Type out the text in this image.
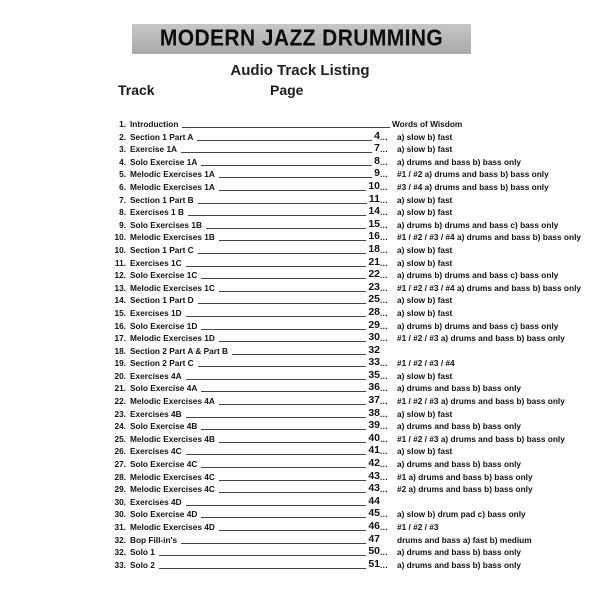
MODERN JAZZ DRUMMING
Audio Track Listing
Track	Page
1. Introduction	Words of Wisdom
2. Section 1 Part A	4 ... a) slow b) fast
3. Exercise 1A	7 ... a) slow b) fast
4. Solo Exercise 1A	8 ... a) drums and bass b) bass only
5. Melodic Exercises 1A	9 ... #1 / #2 a) drums and bass b) bass only
6. Melodic Exercises 1A	10 ... #3 / #4 a) drums and bass b) bass only
7. Section 1 Part B	11 ... a) slow b) fast
8. Exercises 1 B	14 ... a) slow b) fast
9. Solo Exercises 1B	15 ... a) drums b) drums and bass c) bass only
10. Melodic Exercises 1B	16 ... #1 / #2 / #3 / #4 a) drums and bass b) bass only
10. Section 1 Part C	18 ... a) slow b) fast
11. Exercises 1C	21 ... a) slow b) fast
12. Solo Exercise 1C	22 ... a) drums b) drums and bass c) bass only
13. Melodic Exercises 1C	23 ... #1 / #2 / #3 / #4 a) drums and bass b) bass only
14. Section 1 Part D	25 ... a) slow b) fast
15. Exercises 1D	28 ... a) slow b) fast
16. Solo Exercise 1D	29 ... a) drums b) drums and bass c) bass only
17. Melodic Exercises 1D	30 ... #1 / #2 / #3 a) drums and bass b) bass only
18. Section 2 Part A & Part B	32
19. Section 2 Part C	33 ... #1 / #2 / #3 / #4
20. Exercises 4A	35 ... a) slow b) fast
21. Solo Exercise 4A	36 ... a) drums and bass b) bass only
22. Melodic Exercises 4A	37 ... #1 / #2 / #3 a) drums and bass b) bass only
23. Exercises 4B	38 ... a) slow b) fast
24. Solo Exercise 4B	39 ... a) drums and bass b) bass only
25. Melodic Exercises 4B	40 ... #1 / #2 / #3 a) drums and bass b) bass only
26. Exercises 4C	41 ... a) slow b) fast
27. Solo Exercise 4C	42 ... a) drums and bass b) bass only
28. Melodic Exercises 4C	43 ... #1 a) drums and bass b) bass only
29. Melodic Exercises 4C	43 ... #2 a) drums and bass b) bass only
30. Exercises 4D	44
30. Solo Exercise 4D	45 ... a) slow b) drum pad c) bass only
31. Melodic Exercises 4D	46 ... #1 / #2 / #3
32. Bop Fill-in's	47 drums and bass a) fast b) medium
32. Solo 1	50 ... a) drums and bass b) bass only
33. Solo 2	51 ... a) drums and bass b) bass only
